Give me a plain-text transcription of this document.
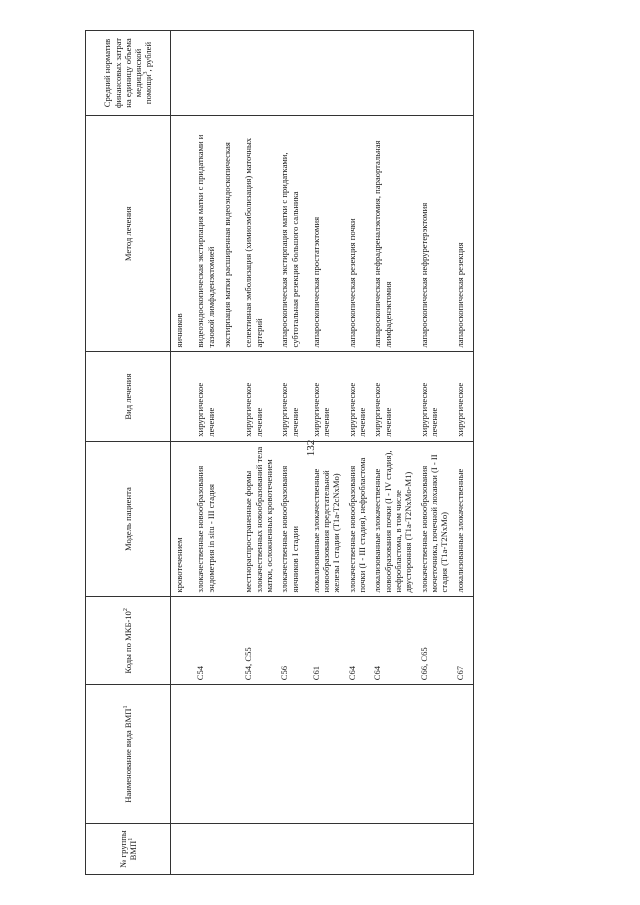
132
№ группы ВМП$^1$	Наименование вида ВМП$^1$	Коды по МКБ-$10^2$	Модель пациента	Вид лечения	Метод лечения	Средний норматив финансовых затрат на единицу объема медицинской помощи$^3$, рублей
			кровотечением		яичников	

		C54	злокачественные новообразования эндометрия in situ - III стадия	хирургическое лечение	видеоэндоскопическая экстирпация матки с придатками и тазовой лимфаденэктомией экстирпация матки расширенная видеоэндоскопическая	

		C54, C55	местнораспространенные формы злокачественных новообразований тела матки, осложненных кровотечением	хирургическое лечение	селективная эмболизация (химиоэмболизация) маточных артерий	

		C56	злокачественные новообразования яичников I стадии	хирургическое лечение	лапароскопическая экстирпация матки с придатками, субтотальная резекция большого сальника	

		C61	локализованные злокачественные новообразования предстательной железы I стадии (T1a-T2cNxMo)	хирургическое лечение	лапароскопическая простатэктомия	

		C64	злокачественные новообразования почки (I - III стадия), нефробластома	хирургическое лечение	лапароскопическая резекция почки	

		C64	локализованные злокачественные новообразования почки (I - IV стадия), нефробластома, в том числе двусторонняя (T1a-T2NxMo-M1)	хирургическое лечение	лапароскопическая нефрадреналэктомия, параортальная лимфаденэктомия	

		C66, C65	злокачественные новообразования мочеточника, почечной лоханки (I - II стадия (T1a-T2NxMo)	хирургическое лечение	лапароскопическая нефруретерэктомия	

		C67	локализованные злокачественные	хирургическое	лапароскопическая резекция	
